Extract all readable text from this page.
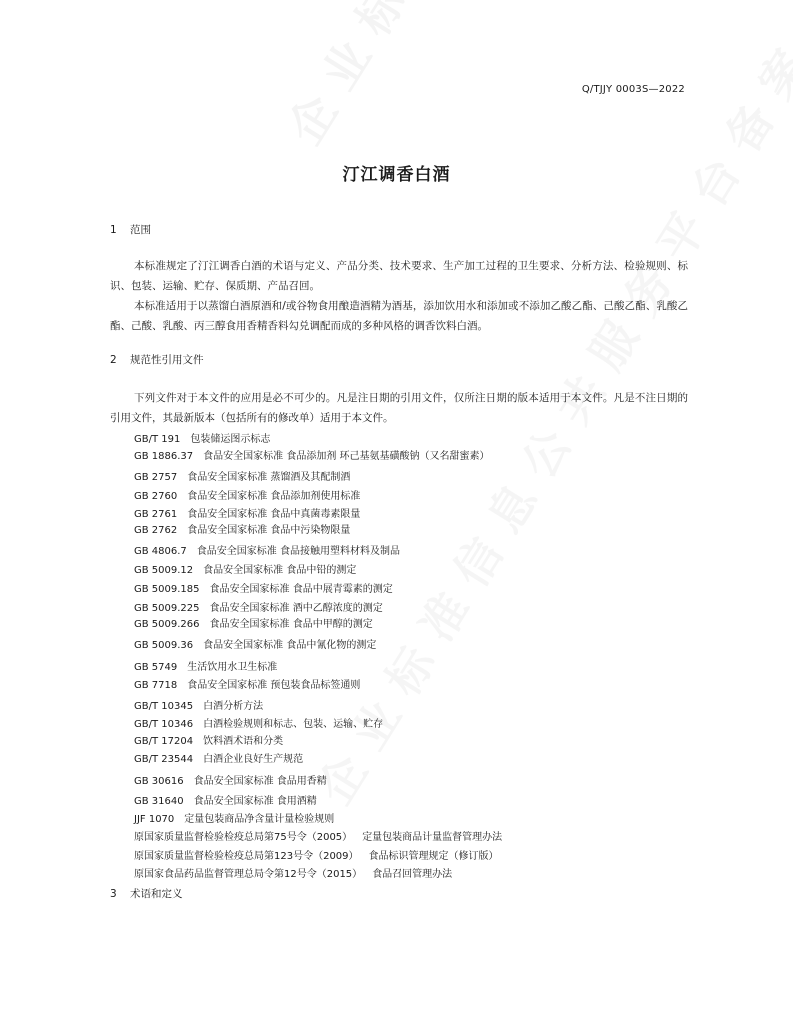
Q/TJJY 0003S—2022
汀江调香白酒
1 范围
本标准规定了汀江调香白酒的术语与定义、产品分类、技术要求、生产加工过程的卫生要求、分析方法、检验规则、标识、包装、运输、贮存、保质期、产品召回。
本标准适用于以蒸馏白酒原酒和/或谷物食用酿造酒精为酒基，添加饮用水和添加或不添加乙酸乙酯、己酸乙酯、乳酸乙酯、己酸、乳酸、丙三醇食用香精香料勾兑调配而成的多种风格的调香饮料白酒。
2 规范性引用文件
下列文件对于本文件的应用是必不可少的。凡是注日期的引用文件，仅所注日期的版本适用于本文件。凡是不注日期的引用文件，其最新版本（包括所有的修改单）适用于本文件。
GB/T 191 包装储运图示标志
GB 1886.37 食品安全国家标准 食品添加剂 环己基氨基磺酸钠（又名甜蜜素）
GB 2757 食品安全国家标准 蒸馏酒及其配制酒
GB 2760 食品安全国家标准 食品添加剂使用标准
GB 2761 食品安全国家标准 食品中真菌毒素限量
GB 2762 食品安全国家标准 食品中污染物限量
GB 4806.7 食品安全国家标准 食品接触用塑料材料及制品
GB 5009.12 食品安全国家标准 食品中铅的测定
GB 5009.185 食品安全国家标准 食品中展青霉素的测定
GB 5009.225 食品安全国家标准 酒中乙醇浓度的测定
GB 5009.266 食品安全国家标准 食品中甲醇的测定
GB 5009.36 食品安全国家标准 食品中氰化物的测定
GB 5749 生活饮用水卫生标准
GB 7718 食品安全国家标准 预包装食品标签通则
GB/T 10345 白酒分析方法
GB/T 10346 白酒检验规则和标志、包装、运输、贮存
GB/T 17204 饮料酒术语和分类
GB/T 23544 白酒企业良好生产规范
GB 30616 食品安全国家标准 食品用香精
GB 31640 食品安全国家标准 食用酒精
JJF 1070 定量包装商品净含量计量检验规则
原国家质量监督检验检疫总局第75号令（2005） 定量包装商品计量监督管理办法
原国家质量监督检验检疫总局第123号令（2009） 食品标识管理规定（修订版）
原国家食品药品监督管理总局令第12号令（2015） 食品召回管理办法
3 术语和定义
